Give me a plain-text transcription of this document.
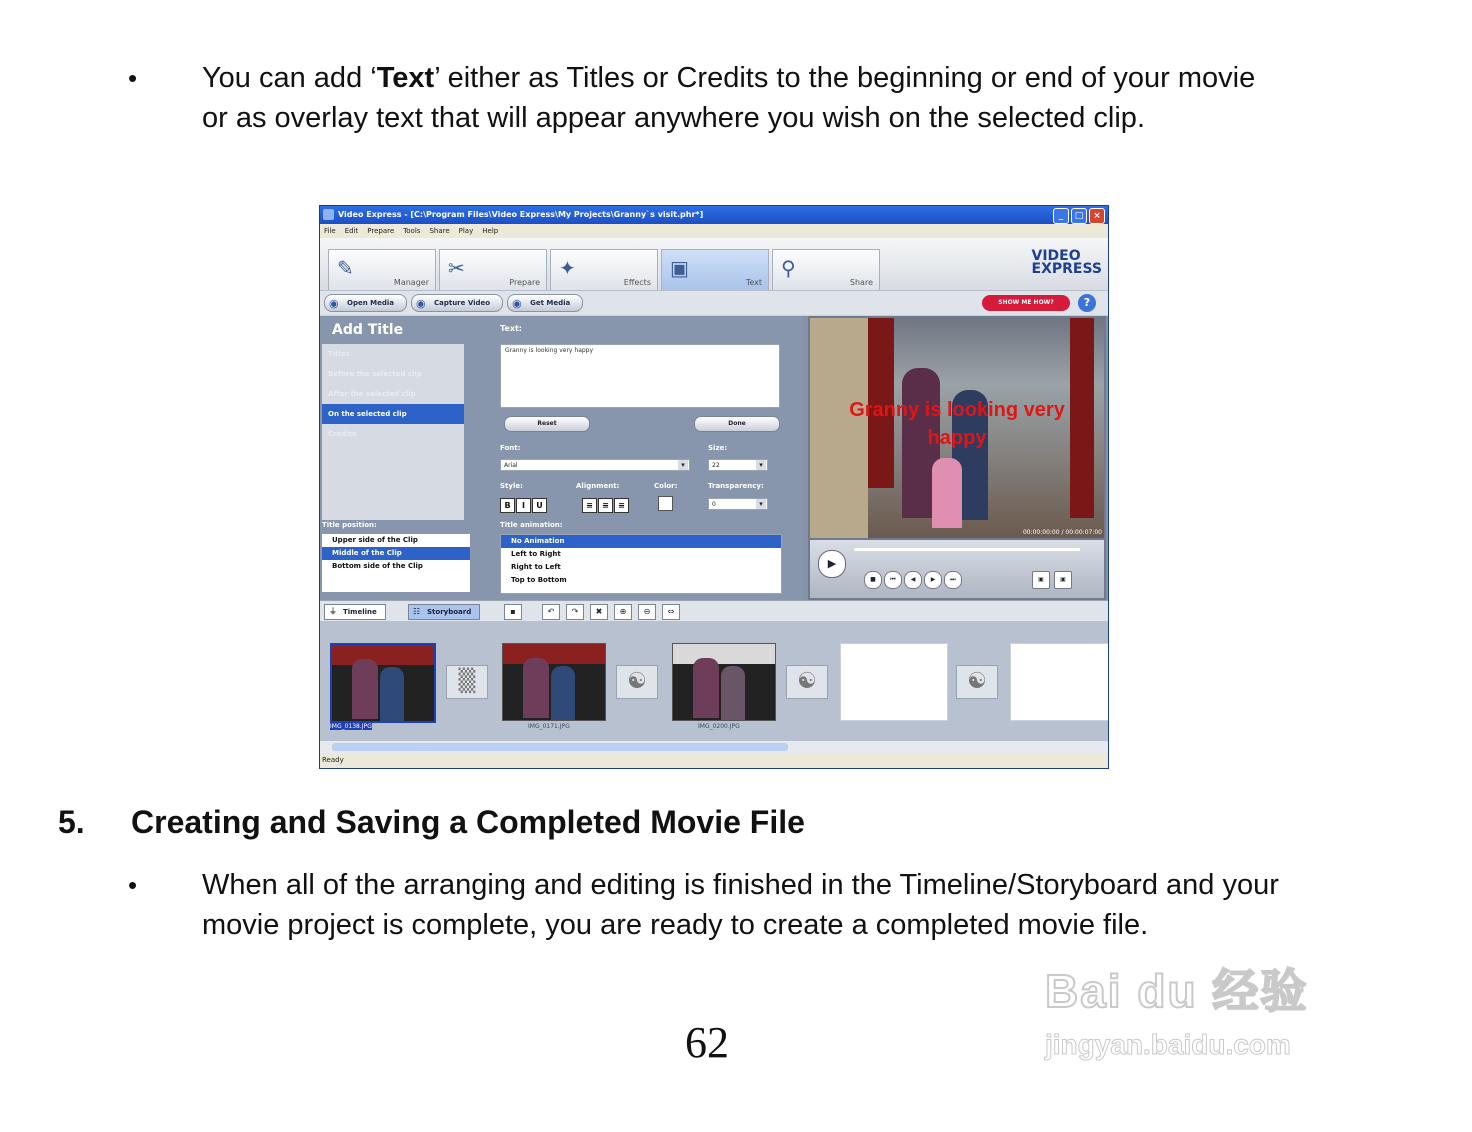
• You can add ‘Text’ either as Titles or Credits to the beginning or end of your movie or as overlay text that will appear anywhere you wish on the selected clip.

Video Express - [C:\Program Files\Video Express\My Projects\Granny`s visit.phr*]	_	□	×
File Edit Prepare Tools Share Play Help
✎
Manager
✂
Prepare
✦
Effects
▣
Text
⚲
Share
VIDEO
EXPRESS
◉ Open Media	◉ Capture Video	◉ Get Media	SHOW ME HOW?	?
Add Title
Titles
Before the selected clip
After the selected clip
On the selected clip
Credits
Text:
Granny is looking very happy
Reset	Done
Font:
Arial ▾
Size:
22 ▾
Style:
B	I	U
Alignment:
≡	≡	≡
Color:	Transparency:
0 ▾
Title position:
Upper side of the Clip
Middle of the Clip
Bottom side of the Clip
Title animation:
No Animation
Left to Right
Right to Left
Top to Bottom
Granny is looking very
happy
00:00:00:00 / 00:00:07:00
▶
■	⏮	◀	▶	⏭	▣	▣
⏚ Timeline	☷ Storyboard	▪	↶	↷	✖	⊕	⊖	⇔
IMG_0138.JPG
▒
IMG_0171.JPG
☯
IMG_0200.JPG
☯	☯
Ready
5. Creating and Saving a Completed Movie File
• When all of the arranging and editing is finished in the Timeline/Storyboard and your movie project is complete, you are ready to create a completed movie file.

62
Bai du 经验
jingyan.baidu.com
